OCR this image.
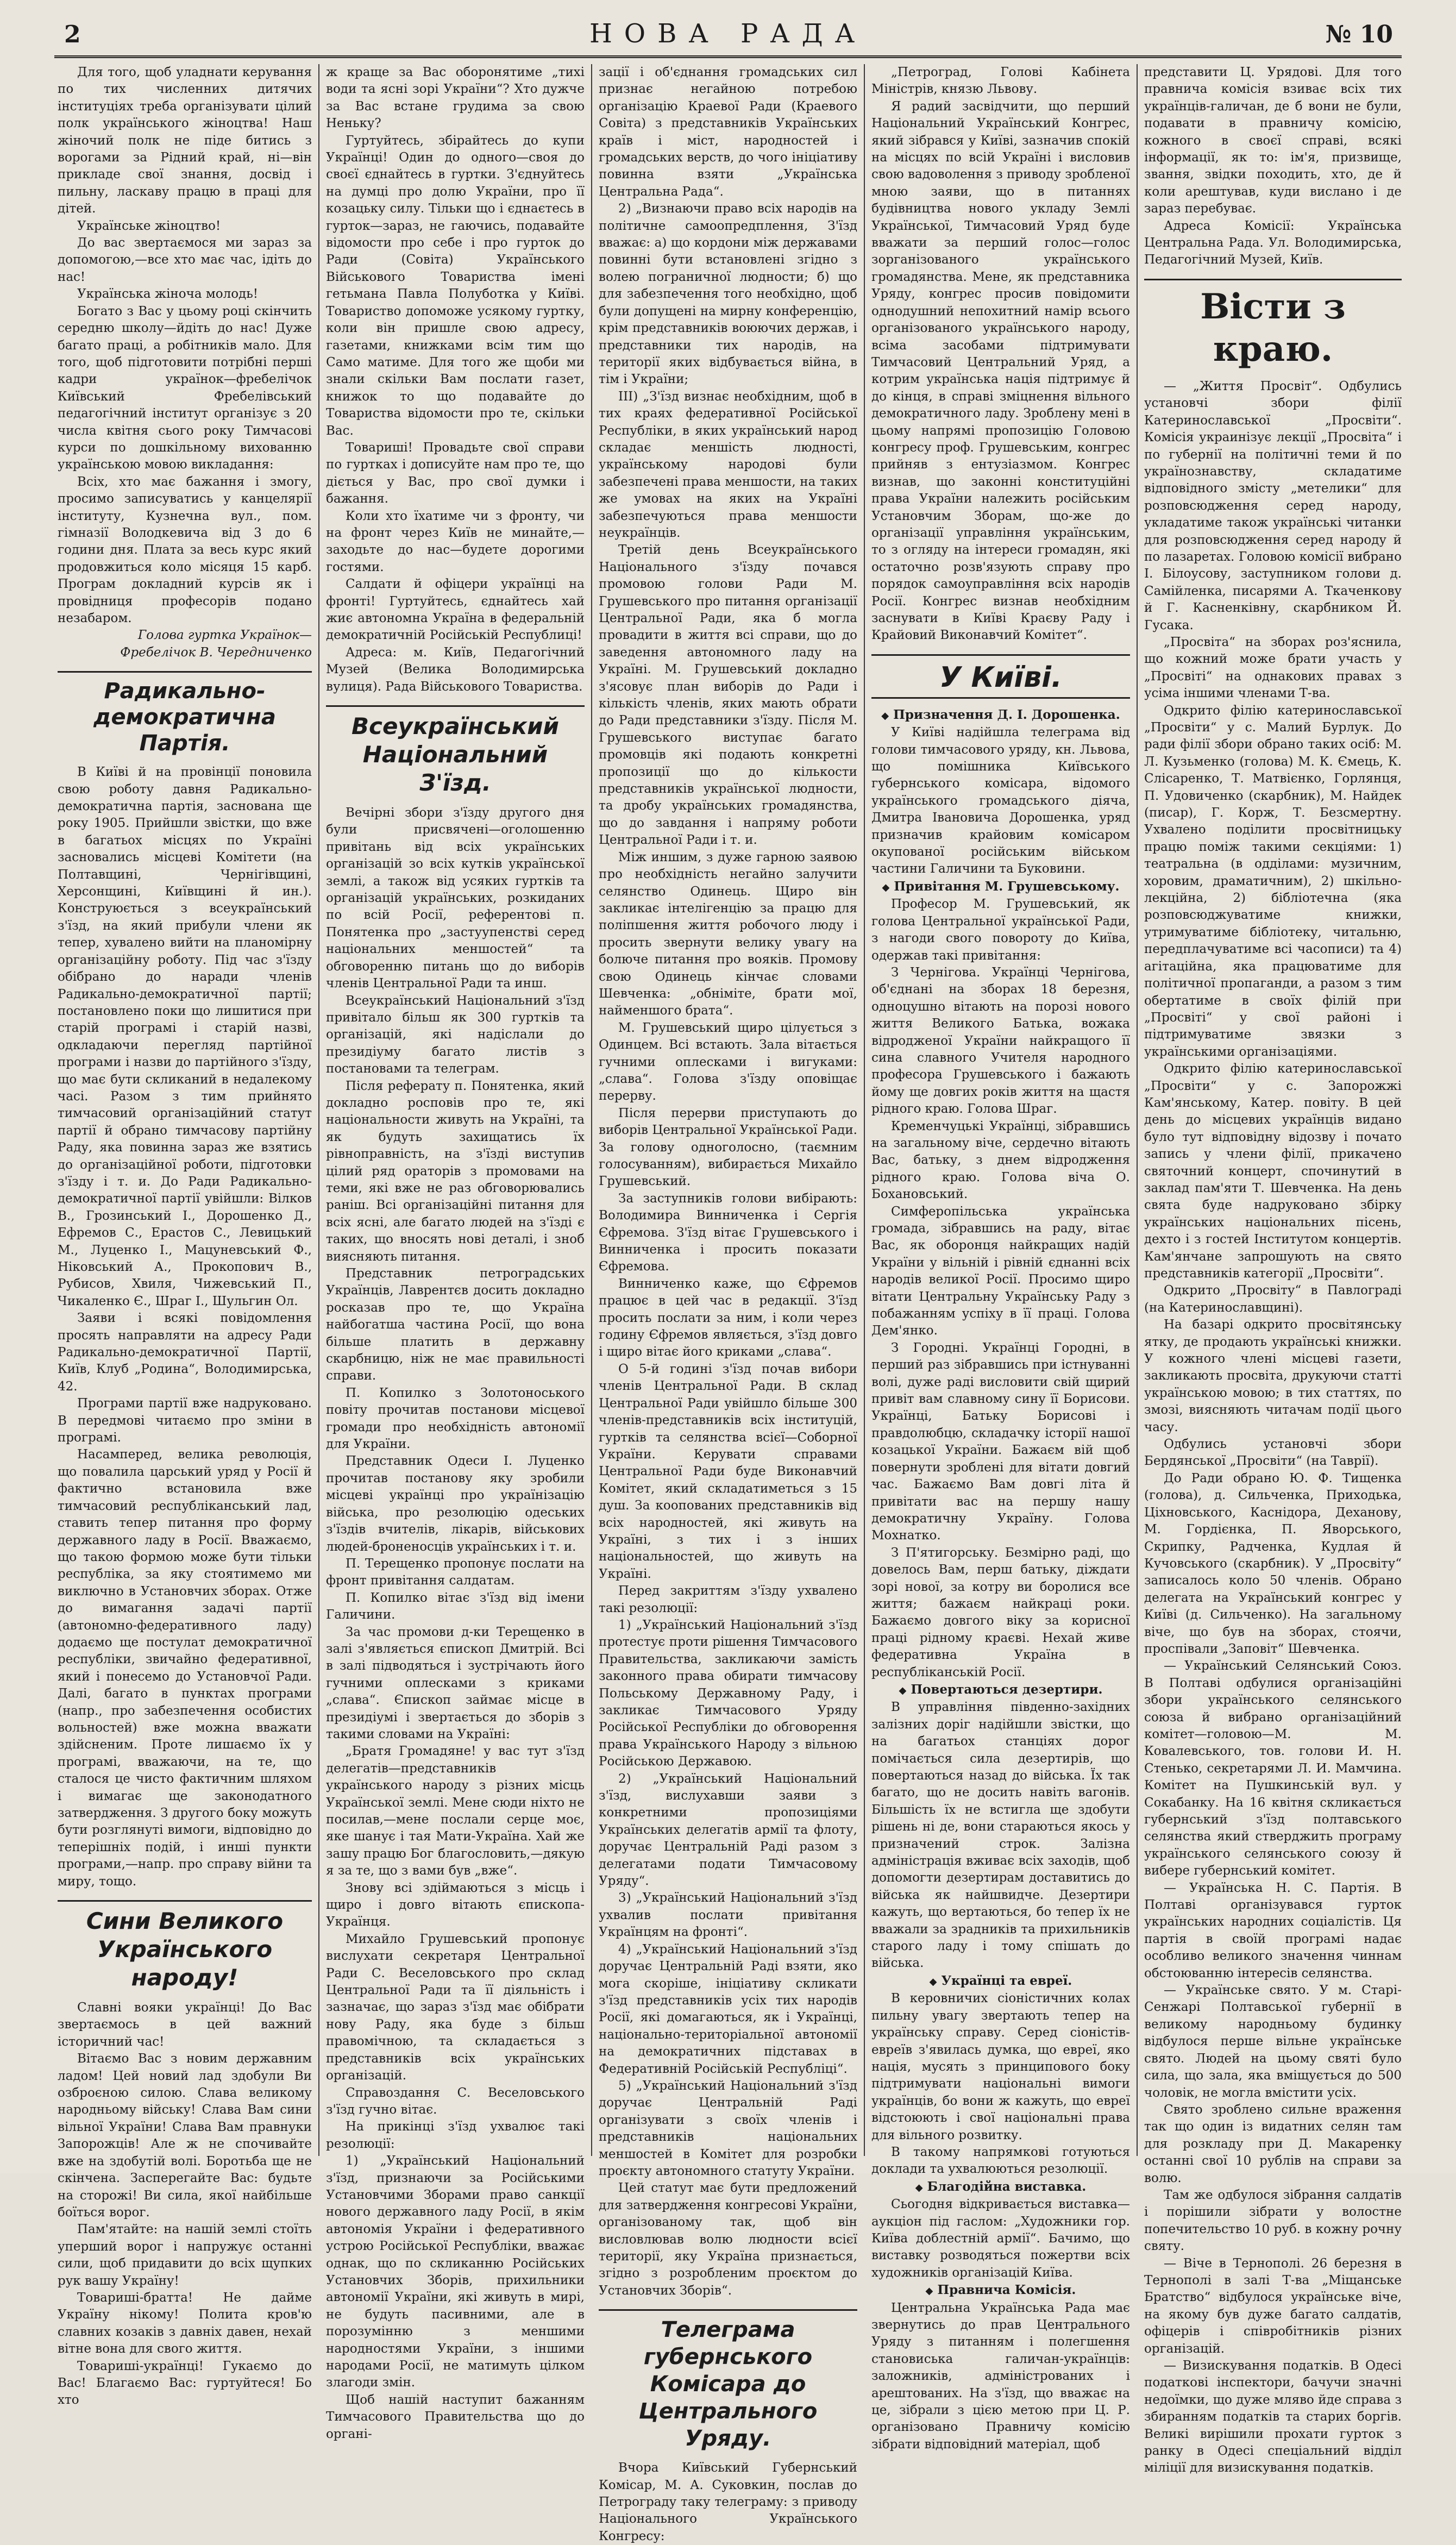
2	НОВА РАДА	№ 10

Для того, щоб уладнати керування по тих численних дитячих інституціях треба організувати цілий полк українського жіноцтва! Наш жіночий полк не піде битись з ворогами за Рідний край, ні—він прикладе свої знання, досвід і пильну, ласкаву працю в праці для дітей.

Українське жіноцтво!

До вас звертаємося ми зараз за допомогою,—все хто має час, ідіть до нас!

Українська жіноча молодь!

Богато з Вас у цьому році скінчить середню школу—йдіть до нас! Дуже багато праці, а робітників мало. Для того, щоб підготовити потрібні перші кадри українок—фребелічок Київський Фребелівський педагогічний інститут організує з 20 числа квітня сього року Тимчасові курси по дошкільному вихованню українською мовою викладання:

Всіх, хто має бажання і змогу, просимо записуватись у канцелярії інституту, Кузнечна вул., пом. гімназії Володкевича від 3 до 6 години дня. Плата за весь курс який продовжиться коло місяця 15 карб. Програм докладний курсів як і провідниця професорів подано незабаром.

Голова гуртка Українок—Фребелічок В. Чередниченко

Радикально-демократична Партія.

В Київі й на провінції поновила свою роботу давня Радикально-демократична партія, заснована ще року 1905. Прийшли звістки, що вже в багатьох місцях по Україні засновались місцеві Комітети (на Полтавщині, Чернігівщині, Херсонщині, Київщині й ин.). Конструюється з всеукраїнський з'їзд, на який прибули члени як тепер, хувалено вийти на планомірну організаційну роботу. Під час з'їзду обібрано до наради членів Радикально-демократичної партії; постановлено поки що лишитися при старій програмі і старій назві, одкладаючи перегляд партійної програми і назви до партійного з'їзду, що має бути скликаний в недалекому часі. Разом з тим прийнято тимчасовий організаційний статут партії й обрано тимчасову партійну Раду, яка повинна зараз же взятись до організаційної роботи, підготовки з'їзду і т. и. До Ради Радикально-демократичної партії увійшли: Вілков В., Грозинський І., Дорошенко Д., Ефремов С., Ерастов С., Левицький М., Луценко І., Мацуневський Ф., Ніковський А., Прокопович В., Рубисов, Хвиля, Чижевський П., Чикаленко Є., Шраг І., Шульгин Ол.

Заяви і всякі повідомлення просять направляти на адресу Ради Радикально-демократичної Партії, Київ, Клуб „Родина“, Володимирська, 42.

Програми партії вже надруковано. В передмові читаємо про зміни в програмі.

Насамперед, велика революція, що повалила царський уряд у Росії й фактично встановила вже тимчасовий республіканський лад, ставить тепер питання про форму державного ладу в Росії. Вважаємо, що такою формою може бути тільки республіка, за яку стоятимемо ми виключно в Установчих зборах. Отже до вимагання задачі партії (автономно-федеративного ладу) додаємо ще постулат демократичної республіки, звичайно федеративної, який і понесемо до Установчої Ради. Далі, багато в пунктах програми (напр., про забезпечення особистих вольностей) вже можна вважати здійсненим. Проте лишаємо їх у програмі, вважаючи, на те, що сталося це чисто фактичним шляхом і вимагає ще законодатного затвердження. З другого боку можуть бути розглянуті вимоги, відповідно до теперішніх подій, і инші пункти програми,—напр. про справу війни та миру, тощо.

Сини Великого Українського народу!

Славні вояки українці! До Вас звертаємось в цей важний історичний час!

Вітаємо Вас з новим державним ладом! Цей новий лад здобули Ви озброєною силою. Слава великому народньому війську! Слава Вам сини вільної України! Слава Вам правнуки Запорожців! Але ж не спочивайте вже на здобутій волі. Боротьба ще не скінчена. Засперегайте Вас: будьте на сторожі! Ви сила, якої найбільше боїться ворог.

Пам'ятайте: на нашій землі стоїть уперший ворог і напружує останні сили, щоб придавити до всіх щупких рук вашу Україну!

Товариші-братта! Не дайме Україну нікому! Полита кров'ю славних козаків з давніх давен, нехай вітне вона для свого життя.

Товариші-українці! Гукаємо до Вас! Благаємо Вас: гуртуйтеся! Бо хто

ж краще за Вас оборонятиме „тихі води та ясні зорі України“? Хто дужче за Вас встане грудима за свою Неньку?

Гуртуйтесь, збірайтесь до купи Українці! Один до одного—своя до своєї єднайтесь в гуртки. З'єднуйтесь на думці про долю України, про її козацьку силу. Тільки що і єднаєтесь в гурток—зараз, не гаючись, подавайте відомости про себе і про гурток до Ради (Совіта) Українського Військового Товариства імені гетьмана Павла Полуботка у Київі. Товариство допоможе усякому гуртку, коли він пришле свою адресу, газетами, книжками всім тим що Само матиме. Для того же щоби ми знали скільки Вам послати газет, книжок то що подавайте до Товариства відомости про те, скільки Вас.

Товариші! Провадьте свої справи по гуртках і дописуйте нам про те, що діється у Вас, про свої думки і бажання.

Коли хто їхатиме чи з фронту, чи на фронт через Київ не минайте,—заходьте до нас—будете дорогими гостями.

Салдати й офіцери українці на фронті! Гуртуйтесь, єднайтесь хай жиє автономна Україна в федеральній демократичній Російській Республиці!

Адреса: м. Київ, Педагогічний Музей (Велика Володимирська вулиця). Рада Військового Товариства.

Всеукраїнський Національний З'їзд.

Вечірні збори з'їзду другого дня були присвячені—оголошенню привітань від всіх українських організацій зо всіх кутків української землі, а також від усяких гуртків та організацій українських, розкиданих по всій Росії, референтові п. Понятенка про „застуупенстві серед національних меншостей“ та обговоренню питань що до виборів членів Центральної Ради та инш.

Всеукраїнський Національний з'їзд привітало більш як 300 гуртків та організацій, які надіслали до президіуму багато листів з постановами та телеграм.

Після реферату п. Понятенка, який докладно росповів про те, які національности живуть на Україні, та як будуть захищатись їх рівноправність, на з'їзді виступив цілий ряд ораторів з промовами на теми, які вже не раз обговорювались раніш. Всі організаційні питання для всіх ясні, але багато людей на з'їзді є таких, що вносять нові деталі, і зноб виясняють питання.

Представник петроградських Українців, Лаврентєв досить докладно росказав про те, що Україна найбогатша частина Росії, що вона більше платить в державну скарбницю, ніж не має правильності справи.

П. Копилко з Золотоноського повіту прочитав постанови місцевої громади про необхідність автономії для України.

Представник Одеси І. Луценко прочитав постанову яку зробили місцеві українці про українізацію війська, про резолюцію одеських з'їздів вчителів, лікарів, військових людей-броненосців українських і т. и.

П. Терещенко пропонує послати на фронт привітання салдатам.

П. Копилко вітає з'їзд від імени Галичини.

За час промови д-ки Терещенко в залі з'являється єпископ Дмитрій. Всі в залі підводяться і зустрічають його гучними оплесками з криками „слава“. Єпископ займає місце в президіумі і звертається до зборів з такими словами на Україні:

„Братя Громадяне! у вас тут з'їзд делегатів—представників українського народу з різних місць Української землі. Мене сюди ніхто не посилав,—мене послали серце моє, яке шанує і тая Мати-Україна. Хай же зашу працю Бог благословить,—дякую я за те, що з вами був „вже“.

Знову всі здіймаються з місць і щиро і довго вітають єпископа-Українця.

Михайло Грушевський пропонує вислухати секретаря Центральної Ради С. Веселовського про склад Центральної Ради та її діяльність і зазначає, що зараз з'їзд має обібрати нову Раду, яка буде з більш правомічною, та складається з представників всіх українських організацій.

Справоздання С. Веселовського з'їзд гучно вітає.

На прикінці з'їзд ухвалює такі резолюції:

1) „Український Національний з'їзд, признаючи за Російськими Установчими Зборами право санкції нового державного ладу Росії, в якім автономія України і федеративного устрою Російської Республіки, вважає однак, що по скликанню Російських Установчих Зборів, прихильники автономії України, які живуть в мирі, не будуть пасивними, але в порозумінню з меншими народностями України, з іншими народами Росії, не матимуть цілком злагоди змін.

Щоб нашій наступит бажанням Тимчасового Правительства що до органі-

зації і об'єднання громадських сил признає негайною потребою організацію Краевої Ради (Краевого Совіта) з представників Українських країв і міст, народностей і громадських верств, до чого ініціативу повинна взяти „Українська Центральна Рада“.

2) „Визнаючи право всіх народів на політичне самоопредплення, З'їзд вважає: а) що кордони між державами повинні бути встановлені згідно з волею пограничної людности; б) що для забезпечення того необхідно, щоб були допущені на мирну конференцію, крім представників воюючих держав, і представники тих народів, на території яких відбувається війна, в тім і України;

ІІІ) „З'їзд визнає необхідним, щоб в тих краях федеративної Російської Республіки, в яких український народ складає меншість людності, українському народові були забезпечені права меншости, на таких же умовах на яких на Україні забезпечуються права меншости неукраїнців.

Третій день Всеукраїнського Національного з'їзду почався промовою голови Ради М. Грушевського про питання організації Центральної Ради, яка б могла провадити в життя всі справи, що до заведення автономного ладу на Україні. М. Грушевський докладно з'ясовує план виборів до Ради і кількість членів, яких мають обрати до Ради представники з'їзду. Після М. Грушевського виступає багато промовців які подають конкретні пропозиції що до кількости представників української людности, та дробу українських громадянства, що до завдання і напряму роботи Центральної Ради і т. и.

Між иншим, з дуже гарною заявою про необхідність негайно залучити селянство Одинець. Щиро він закликає інтелігенцію за працю для поліпшення життя робочого люду і просить звернути велику увагу на болюче питання про вояків. Промову свою Одинець кінчає словами Шевченка: „обніміте, брати мої, найменшого брата“.

М. Грушевський щиро цілується з Одинцем. Всі встають. Зала вітається гучними оплесками і вигуками: „слава“. Голова з'їзду оповіщає перерву.

Після перерви приступають до виборів Центральної Української Ради. За голову одноголосно, (таємним голосуванням), вибирається Михайло Грушевський.

За заступників голови вибірають: Володимира Винниченка і Сергія Єфремова. З'їзд вітає Грушевського і Винниченка і просить показати Єфремова.

Винниченко каже, що Єфремов працює в цей час в редакції. З'їзд просить послати за ним, і коли через годину Єфремов являється, з'їзд довго і щиро вітає його криками „слава“.

О 5-й годині з'їзд почав вибори членів Центральної Ради. В склад Центральної Ради увійшло більше 300 членів-представників всіх інституцій, гуртків та селянства всієї—Соборної України. Керувати справами Центральної Ради буде Виконавчий Комітет, який складатиметься з 15 душ. За коопованих представників від всіх народностей, які живуть на Україні, з тих і з інших національностей, що живуть на Україні.

Перед закриттям з'їзду ухвалено такі резолюції:

1) „Український Національний з'їзд протестує проти рішення Тимчасового Правительства, закликаючи замість законного права обирати тимчасову Польському Державному Раду, і закликає Тимчасового Уряду Російської Республіки до обговорення права Українського Народу з вільною Російською Державою.

2) „Український Національний з'їзд, вислухавши заяви з конкретними пропозиціями Українських делегатів армії та флоту, доручає Центральній Раді разом з делегатами подати Тимчасовому Уряду“.

3) „Український Національний з'їзд ухвалив послати привітання Українцям на фронті“.

4) „Український Національний з'їзд доручає Центральній Раді взяти, яко мога скоріше, ініціативу скликати з'їзд представників усіх тих народів Росії, які домагаються, як і Українці, національно-територіальної автономії на демократичних підставах в Федеративній Російській Республіці“.

5) „Український Національний з'їзд доручає Центральній Раді організувати з своїх членів і представників національних меншостей в Комітет для розробки проєкту автономного статуту України.

Цей статут має бути предложений для затвердження конгресові України, організованому так, щоб він висловлював волю людности всієї території, яку Україна признається, згідно з розробленим проєктом до Установчих Зборів“.

Телеграма губернського Комісара до Центрального Уряду.

Вчора Київський Губернський Комісар, М. А. Суковкин, послав до Петрограду таку телеграму: з приводу Національного Українського Конгресу:

„Петроград, Голові Кабінета Міністрів, князю Львову.

Я радий засвідчити, що перший Національний Український Конгрес, який зібрався у Київі, зазначив спокій на місцях по всій Україні і висловив свою вадоволення з приводу зробленої мною заяви, що в питаннях будівництва нового укладу Землі Української, Тимчасовий Уряд буде вважати за перший голос—голос зорганізованого українського громадянства. Мене, як представника Уряду, конгрес просив повідомити однодушний непохитний намір всього організованого українського народу, всіма засобами підтримувати Тимчасовий Центральний Уряд, а котрим українська нація підтримує й до кінця, в справі зміцнення вільного демократичного ладу. Зроблену мені в цьому напрямі пропозицію Головою конгресу проф. Грушевським, конгрес прийняв з ентузіазмом. Конгрес визнав, що законні конституційні права України належить російським Установчим Зборам, що-же до організації управління українським, то з огляду на інтереси громадян, які остаточно розв'язують справу про порядок самоуправління всіх народів Росії. Конгрес визнав необхідним заснувати в Київі Краєву Раду і Крайовий Виконавчий Комітет“.

У Київі.

◆ Призначення Д. І. Дорошенка.

У Київі надійшла телеграма від голови тимчасового уряду, кн. Львова, що помішника Київського губернського комісара, відомого українського громадського діяча, Дмитра Івановича Дорошенка, уряд призначив крайовим комісаром окупованої російським військом частини Галичини та Буковини.

◆ Привітання М. Грушевському.

Професор М. Грушевський, як голова Центральної української Ради, з нагоди свого повороту до Київа, одержав такі привітання:

З Чернігова. Українці Чернігова, об'єднані на зборах 18 березня, одноцушно вітають на порозі нового життя Великого Батька, вожака відродженої України найкращого її сина славного Учителя народного професора Грушевського і бажають йому ще довгих років життя на щастя рідного краю. Голова Шраг.

Кременчуцькі Українці, зібравшись на загальному віче, сердечно вітають Вас, батьку, з днем відродження рідного краю. Голова віча О. Бохановський.

Симферопільська українська громада, зібравшись на раду, вітає Вас, як оборонця найкращих надій України у вільній і рівній єднанні всіх народів великої Росії. Просимо щиро вітати Центральну Українську Раду з побажанням успіху в її праці. Голова Дем'янко.

З Городні. Українці Городні, в перший раз зібравшись при істнуванні волі, дуже раді висловити свій щирий привіт вам славному сину її Борисови. Українці, Батьку Борисові і правдолюбцю, складачку історії нашої козацької України. Бажаєм вій щоб повернути зроблені для вітати довгий час. Бажаємо Вам довгі літа й привітати вас на першу нашу демократичну Україну. Голова Мохнатко.

З П'ятигорську. Безмірно раді, що довелось Вам, перш батьку, діждати зорі нової, за котру ви боролися все життя; бажаєм найкраці роки. Бажаємо довгого віку за корисної праці рідному краєві. Нехай живе федеративна Україна в республіканській Росії.

◆ Повертаються дезертири.

В управління південно-західних залізних доріг надійшли звістки, що на багатьох станціях дорог помічається сила дезертирів, що повертаються назад до війська. Їх так багато, що не досить навіть вагонів. Більшість їх не встигла ще здобути рішень ні де, вони стараються якось у призначений строк. Залізна адміністрація вживає всіх заходів, щоб допомогти дезертирам доставитись до війська як найшвидче. Дезертири кажуть, що вертаються, бо тепер їх не вважали за зрадників та прихильників старого ладу і тому спішать до війська.

◆ Українці та евреї.

В керовничих сіоністичних колах пильну увагу звертають тепер на українську справу. Серед сіоністів-евреїв з'явилась думка, що евреї, яко нація, мусять з принципового боку підтримувати національні вимоги українців, бо вони ж кажуть, що евреї відстоюють і свої національні права для вільного розвитку.

В такому напрямкові готуються доклади та ухвалюються резолюції.

◆ Благодійна виставка.

Сьогодня відкривається виставка—аукціон під гаслом: „Художники гор. Київа доблестній армії“. Бачимо, що виставку розводяться пожертви всіх художників організацій Київа.

◆ Правнича Комісія.

Центральна Українська Рада має звернутись до прав Центрального Уряду з питанням і полегшення становиська галичан-українців: заложників, адміністрованих і арештованих. На з'їзд, що вважає на це, зібрали з цією метою при Ц. Р. організовано Правничу комісію зібрати відповідний матеріал, щоб

представити Ц. Урядові. Для того правнича комісія взиває всіх тих українців-галичан, де б вони не були, подавати в правничу комісію, кожного в своєї справі, всякі інформації, як то: ім'я, призвище, звання, звідки походить, хто, де й коли арештував, куди вислано і де зараз перебуває.

Адреса Комісії: Українська Центральна Рада. Ул. Володимирська, Педагогічний Музей, Київ.

Вісти з краю.

— „Життя Просвіт“. Одбулись установчі збори філії Катеринославської „Просвіти“. Комісія украинізує лекції „Просвіта“ і по губернії на політичні теми й по українознавству, складатиме відповідного змісту „метелики“ для розповсюдження серед народу, укладатиме також українські читанки для розповсюдження серед народу й по лазаретах. Головою комісії вибрано І. Білоусову, заступником голови д. Самійленка, писарями А. Ткаченкову й Г. Касненківну, скарбником Й. Гусака.

„Просвіта“ на зборах роз'яснила, що кожний може брати участь у „Просвіті“ на однакових правах з усіма іншими членами Т-ва.

Одкрито філію катеринославської „Просвіти“ у с. Малий Бурлук. До ради філії збори обрано таких осіб: М. Л. Кузьменко (голова) М. К. Ємець, К. Слісаренко, Т. Матвієнко, Горлянця, П. Удовиченко (скарбник), М. Найдек (писар), Г. Корж, Т. Безсмертну. Ухвалено поділити просвітницьку працю поміж такими секціями: 1) театральна (в одділами: музичним, хоровим, драматичним), 2) шкільно-лекційна, 2) бібліотечна (яка розповсюджуватиме книжки, утримуватиме бібліотеку, читальню, передплачуватиме всі часописи) та 4) агітаційна, яка працюватиме для політичної пропаганди, а разом з тим обертатиме в своїх філій при „Просвіті“ у свої районі і підтримуватиме звязки з українськими організаціями.

Одкрито філію катеринославської „Просвіти“ у с. Запорожжі Кам'янському, Катер. повіту. В цей день до місцевих українців видано було тут відповідну відозву і почато запись у члени філії, прикачено святочний концерт, спочинутий в заклад пам'яти Т. Шевченка. На день свята буде надруковано збірку українських національних пісень, дехто і з гостей Інститутом концертів. Кам'янчане запрошують на свято представників категорії „Просвіти“.

Одкрито „Просвіту“ в Павлограді (на Катеринославщині).

На базарі одкрито просвітянську ятку, де продають українські книжки. У кожного члені місцеві газети, закликають просвіта, друкуючи статті українською мовою; в тих статтях, по змозі, виясняють читачам події цього часу.

Одбулись установчі збори Бердянської „Просвіти“ (на Таврії).

До Ради обрано Ю. Ф. Тищенка (голова), д. Сильченка, Приходька, Ціхновського, Каснідора, Деханову, М. Гордієнка, П. Яворського, Скрипку, Радченка, Кудлая й Кучовського (скарбник). У „Просвіту“ записалось коло 50 членів. Обрано делегата на Український конгрес у Київі (д. Сильченко). На загальному віче, що був на зборах, стоячи, проспівали „Заповіт“ Шевченка.

— Український Селянський Союз. В Полтаві одбулися організаційні збори українського селянського союза й вибрано організаційний комітет—головою—М. М. Ковалевського, тов. голови И. Н. Стенько, секретарями Л. И. Мамчина. Комітет на Пушкинській вул. у Сокабанку. На 16 квітня скликається губернський з'їзд полтавського селянства який стверджить програму українського селянського союзу й вибере губернський комітет.

— Українська Н. С. Партія. В Полтаві організувався гурток українських народних соціалістів. Ця партія в своїй програмі надає особливо великого значення чиннам обстоюванню інтересів селянства.

— Українське свято. У м. Старі-Сенжарі Полтавської губернії в великому народньому будинку відбулося перше вільне українське свято. Людей на цьому святі було сила, що зала, яка вміщується до 500 чоловік, не могла вмістити усіх.

Свято зроблено сильне враження так що один із видатних селян там для розкладу при Д. Макаренку останні свої 10 рублів на справи за волю.

Там же одбулося зібрання салдатів і порішили зібрати у волостне попечительство 10 руб. в кожну рочну святу.

— Віче в Тернополі. 26 березня в Тернополі в залі Т-ва „Міщанське Братство“ відбулося українське віче, на якому був дуже багато салдатів, офіцерів і співробітників різних організацій.

— Визискування податків. В Одесі податкові інспектори, бачучи значні недоїмки, що дуже мляво йде справа з збиранням податків та старих боргів. Великі вирішили прохати гурток з ранку в Одесі спеціальний відділ міліції для визискування податків.
